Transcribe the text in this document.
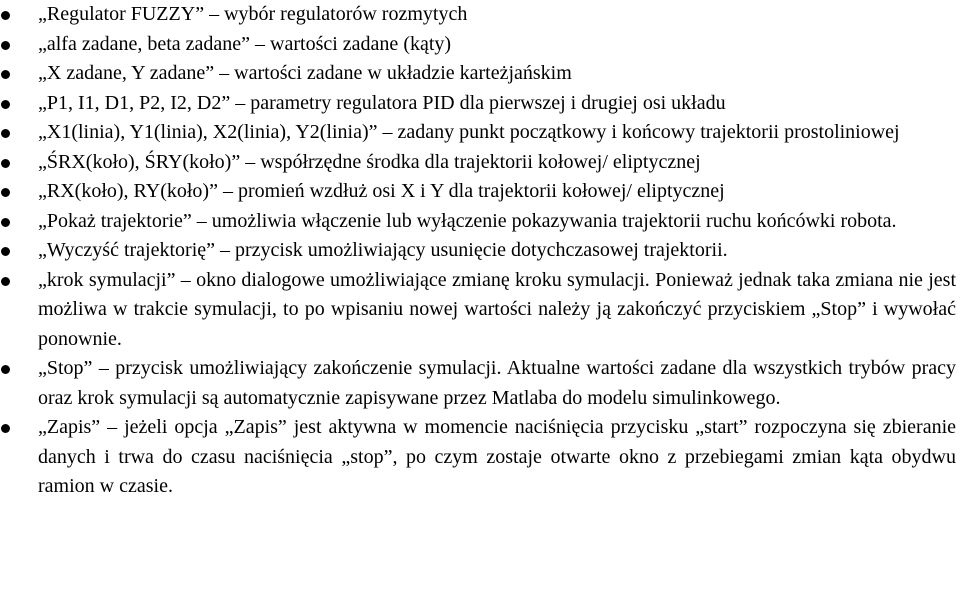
„Regulator FUZZY” – wybór regulatorów rozmytych
„alfa zadane, beta zadane” – wartości zadane (kąty)
„X zadane, Y zadane” – wartości zadane w układzie karteżjańskim
„P1, I1, D1, P2, I2, D2” – parametry regulatora PID dla pierwszej i drugiej osi układu
„X1(linia), Y1(linia), X2(linia), Y2(linia)” – zadany punkt początkowy i końcowy trajektorii prostoliniowej
„ŚRX(koło), ŚRY(koło)” – współrzędne środka dla trajektorii kołowej/ eliptycznej
„RX(koło), RY(koło)” – promień wzdłuż osi X i Y dla trajektorii kołowej/ eliptycznej
„Pokaż trajektorie” – umożliwia włączenie lub wyłączenie pokazywania trajektorii ruchu końcówki robota.
„Wyczyść trajektorię” – przycisk umożliwiający usunięcie dotychczasowej trajektorii.
„krok symulacji” – okno dialogowe umożliwiające zmianę kroku symulacji. Ponieważ jednak taka zmiana nie jest możliwa w trakcie symulacji, to po wpisaniu nowej wartości należy ją zakończyć przyciskiem „Stop” i wywołać ponownie.
„Stop” – przycisk umożliwiający zakończenie symulacji. Aktualne wartości zadane dla wszystkich trybów pracy oraz krok symulacji są automatycznie zapisywane przez Matlaba do modelu simulinkowego.
„Zapis” – jeżeli opcja „Zapis” jest aktywna w momencie naciśnięcia przycisku „start” rozpoczyna się zbieranie danych i trwa do czasu naciśnięcia „stop”, po czym zostaje otwarte okno z przebiegami zmian kąta obydwu ramion w czasie.
